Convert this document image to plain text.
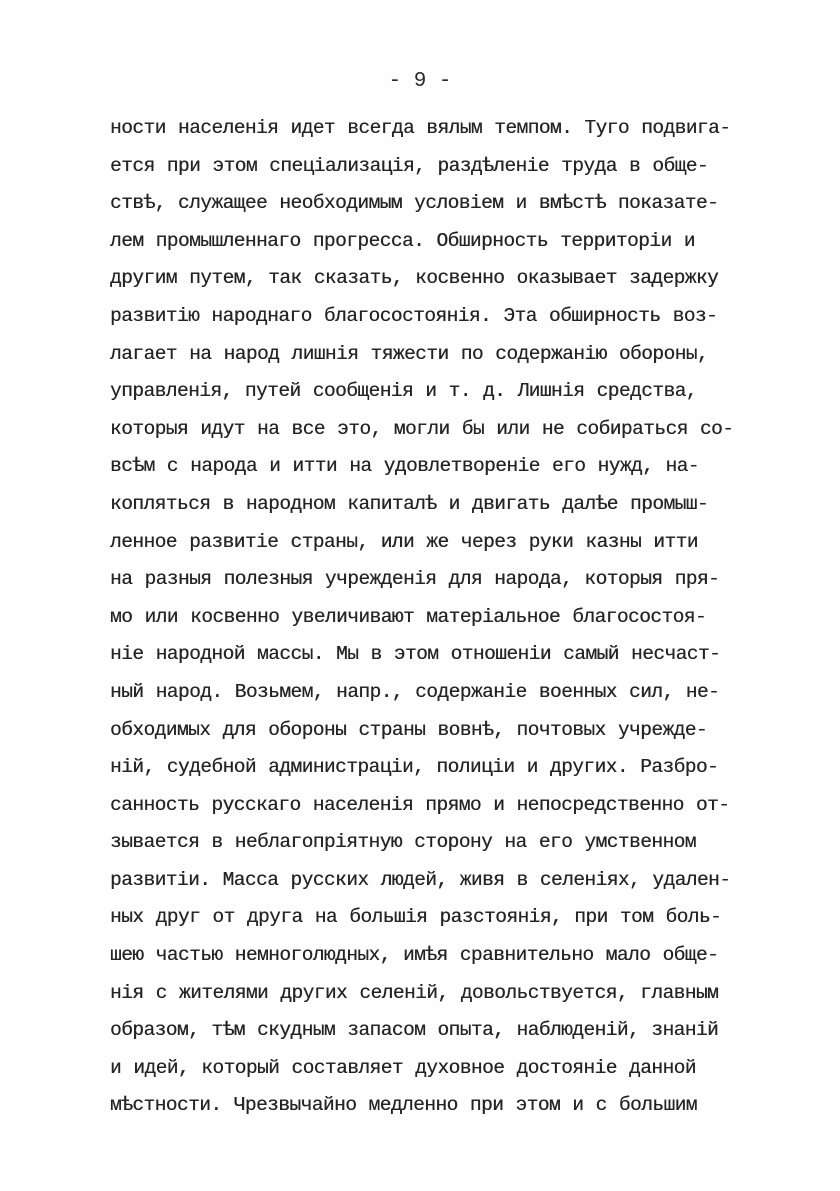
- 9 -
ности населенія идет всегда вялым темпом. Туго подвига-
ется при этом спеціализація, раздѣленіе труда в обще-
ствѣ, служащее необходимым условіем и вмѣстѣ показате-
лем промышленнаго прогресса. Обширность территоріи и
другим путем, так сказать, косвенно оказывает задержку
развитію народнаго благосостоянія. Эта обширность воз-
лагает на народ лишнія тяжести по содержанію обороны,
управленія, путей сообщенія и т. д. Лишнія средства,
которыя идут на все это, могли бы или не собираться со-
всѣм с народа и итти на удовлетвореніе его нужд, на-
копляться в народном капиталѣ и двигать далѣе промыш-
ленное развитіе страны, или же через руки казны итти
на разныя полезныя учрежденія для народа, которыя пря-
мо или косвенно увеличивают матеріальное благосостоя-
ніе народной массы. Мы в этом отношеніи самый несчаст-
ный народ. Возьмем, напр., содержаніе военных сил, не-
обходимых для обороны страны вовнѣ, почтовых учрежде-
ній, судебной администраціи, полиціи и других. Разбро-
санность русскаго населенія прямо и непосредственно от-
зывается в неблагопріятную сторону на его умственном
развитіи. Масса русских людей, живя в селеніях, удален-
ных друг от друга на большія разстоянія, при том боль-
шею частью немноголюдных, имѣя сравнительно мало обще-
нія с жителями других селеній, довольствуется, главным
образом, тѣм скудным запасом опыта, наблюденій, знаній
и идей, который составляет духовное достояніе данной
мѣстности. Чрезвычайно медленно при этом и с большим
